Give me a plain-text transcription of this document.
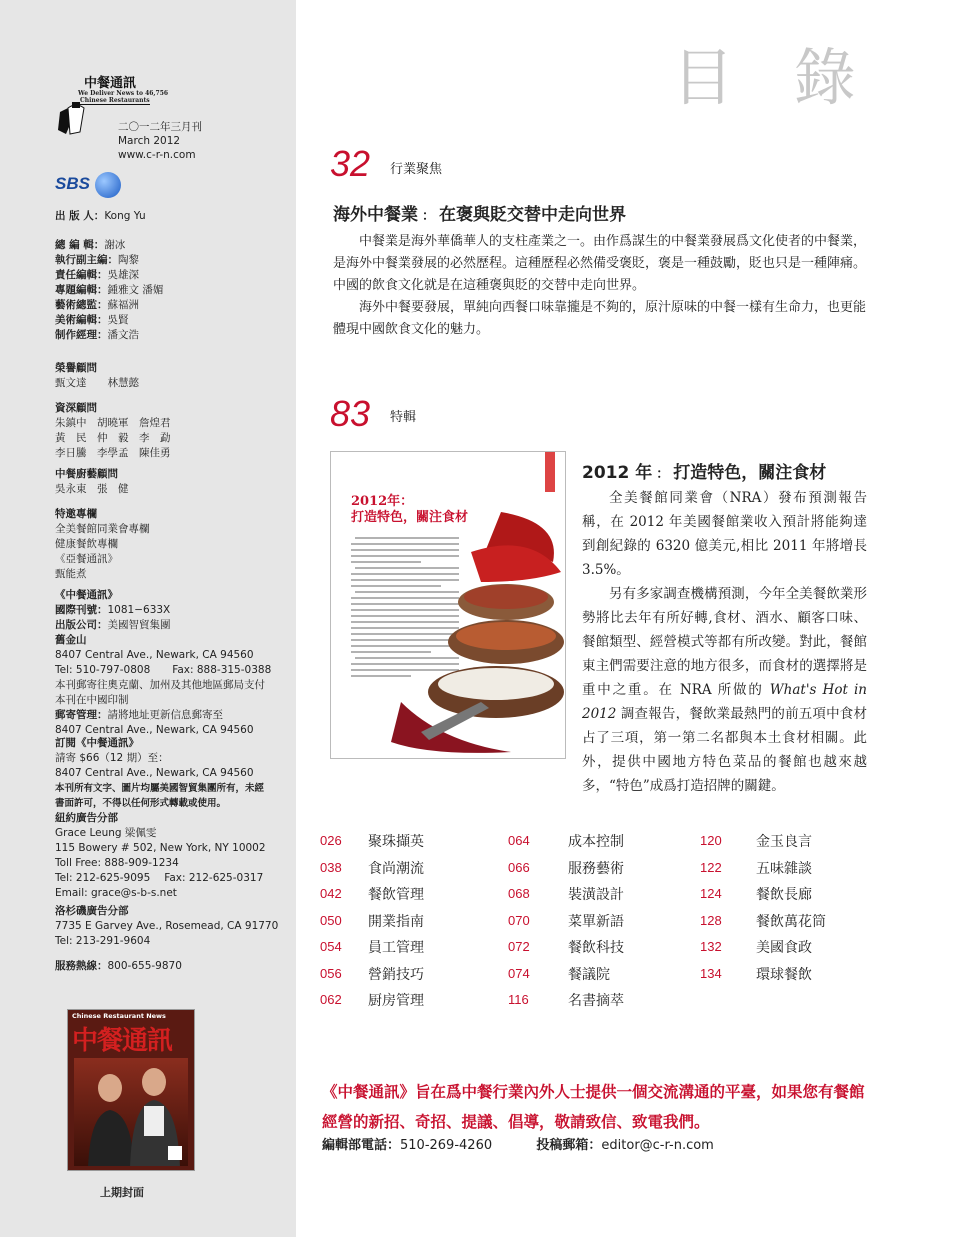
中餐通訊
We Deliver News to 46,756
Chinese Restaurants
二〇一二年三月刊
March 2012
www.c-r-n.com
SBS
出 版 人：Kong Yu
總 編 輯：謝冰
執行副主編：陶黎
責任編輯：吳雄深
專題編輯：鍾雅文 潘媚
藝術總監：蘇福洲
美術編輯：吳賢
制作經理：潘文浩
榮譽顧問
甄文達　　林慧懿
資深顧問
朱鎮中　胡曉軍　詹煌君
黃　民　仲　毅　李　勐
李日騰　李學孟　陳佳勇
中餐廚藝顧問
吳永東　張　健
特邀專欄
全美餐館同業會專欄
健康餐飲專欄
《亞餐通訊》
甄能煮
《中餐通訊》
國際刊號：1081−633X
出版公司：美國智貿集團
舊金山
8407 Central Ave., Newark, CA 94560
Tel: 510-797-0808 Fax: 888-315-0388
本刊郵寄往奧克蘭、加州及其他地區郵局支付
本刊在中國印制
郵寄管理：請將地址更新信息郵寄至
8407 Central Ave., Newark, CA 94560
訂閱《中餐通訊》
請寄 $66（12 期）至：
8407 Central Ave., Newark, CA 94560
本刊所有文字、圖片均屬美國智貿集團所有，未經
書面許可，不得以任何形式轉載或使用。
紐約廣告分部
Grace Leung 梁佩雯
115 Bowery # 502, New York, NY 10002
Toll Free: 888-909-1234
Tel: 212-625-9095 Fax: 212-625-0317
Email: grace@s-b-s.net
洛杉磯廣告分部
7735 E Garvey Ave., Rosemead, CA 91770
Tel: 213-291-9604
服務熱線：800-655-9870
Chinese Restaurant News
中餐通訊
上期封面
目 錄
32 行業聚焦
海外中餐業 ： 在褒與貶交替中走向世界
中餐業是海外華僑華人的支柱產業之一。由作爲謀生的中餐業發展爲文化使者的中餐業，是海外中餐業發展的必然歷程。這種歷程必然備受褒貶，褒是一種鼓勵，貶也只是一種陣痛。中國的飲食文化就是在這種褒與貶的交替中走向世界。
海外中餐要發展，單純向西餐口味靠攏是不夠的，原汁原味的中餐一樣有生命力，也更能體現中國飲食文化的魅力。
83 特輯
2012年：
打造特色，關注食材
2012 年 ： 打造特色，關注食材
全美餐館同業會（NRA）發布預測報告稱，在 2012 年美國餐館業收入預計將能夠達到創紀錄的 6320 億美元,相比 2011 年將增長 3.5%。
另有多家調查機構預測，今年全美餐飲業形勢將比去年有所好轉,食材、酒水、顧客口味、餐館類型、經營模式等都有所改變。對此，餐館東主們需要注意的地方很多，而食材的選擇將是重中之重。在 NRA 所做的 What's Hot in 2012 調查報告，餐飲業最熱門的前五項中食材占了三項，第一第二名都與本土食材相關。此外，提供中國地方特色菜品的餐館也越來越多，“特色”成爲打造招牌的關鍵。
026 聚珠擷英
038 食尚潮流
042 餐飲管理
050 開業指南
054 員工管理
056 營銷技巧
062 厨房管理
064	成本控制
066	服務藝術
068	裝潢設計
070	菜單新語
072	餐飲科技
074	餐議院
116	名書摘萃
120 金玉良言
122 五味雜談
124 餐飲長廊
128 餐飲萬花筒
132 美國食政
134 環球餐飲
《中餐通訊》旨在爲中餐行業內外人士提供一個交流溝通的平臺，如果您有餐館
經營的新招、奇招、提議、倡導，敬請致信、致電我們。
編輯部電話：510-269-4260	投稿郵箱：editor@c-r-n.com
